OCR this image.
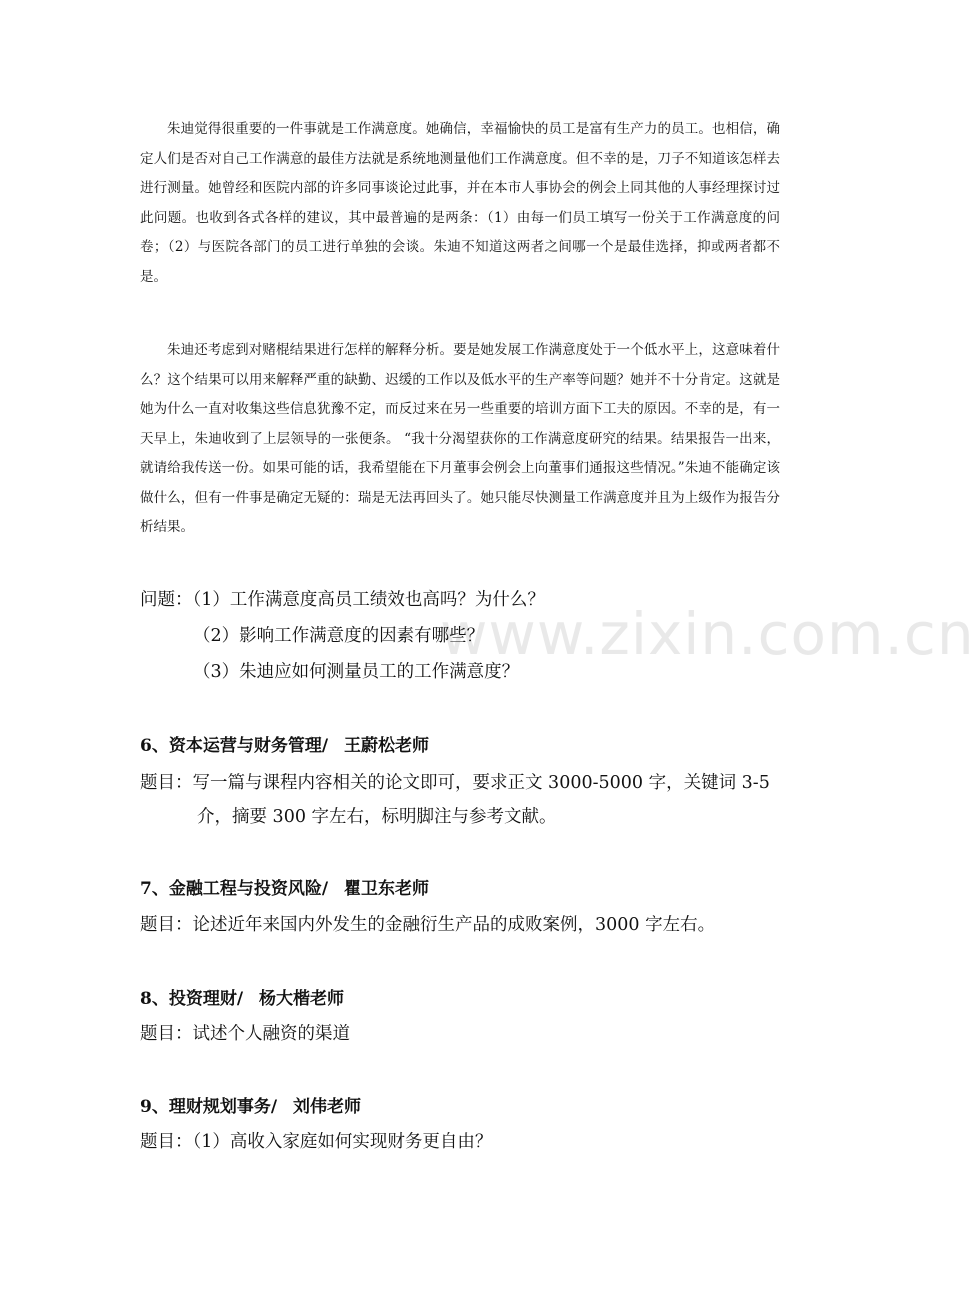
www.zixin.com.cn

朱迪觉得很重要的一件事就是工作满意度。她确信，幸福愉快的员工是富有生产力的员工。也相信，确定人们是否对自己工作满意的最佳方法就是系统地测量他们工作满意度。但不幸的是，刀子不知道该怎样去进行测量。她曾经和医院内部的许多同事谈论过此事，并在本市人事协会的例会上同其他的人事经理探讨过此问题。也收到各式各样的建议，其中最普遍的是两条：（1）由每一们员工填写一份关于工作满意度的问卷；（2）与医院各部门的员工进行单独的会谈。朱迪不知道这两者之间哪一个是最佳选择，抑或两者都不是。

朱迪还考虑到对赌棍结果进行怎样的解释分析。要是她发展工作满意度处于一个低水平上，这意味着什么？这个结果可以用来解释严重的缺勤、迟缓的工作以及低水平的生产率等问题？她并不十分肯定。这就是她为什么一直对收集这些信息犹豫不定，而反过来在另一些重要的培训方面下工夫的原因。不幸的是，有一天早上，朱迪收到了上层领导的一张便条。 “我十分渴望获你的工作满意度研究的结果。结果报告一出来，就请给我传送一份。如果可能的话，我希望能在下月董事会例会上向董事们通报这些情况。”朱迪不能确定该做什么，但有一件事是确定无疑的：瑞是无法再回头了。她只能尽快测量工作满意度并且为上级作为报告分析结果。

问题：（1）工作满意度高员工绩效也高吗？为什么？

（2）影响工作满意度的因素有哪些？

（3）朱迪应如何测量员工的工作满意度？

6、资本运营与财务管理/ 王蔚松老师

题目：写一篇与课程内容相关的论文即可，要求正文 3000-5000 字，关键词 3-5

介，摘要 300 字左右，标明脚注与参考文献。

7、金融工程与投资风险/ 瞿卫东老师

题目：论述近年来国内外发生的金融衍生产品的成败案例，3000 字左右。

8、投资理财/ 杨大楷老师

题目：试述个人融资的渠道

9、理财规划事务/ 刘伟老师

题目：（1）高收入家庭如何实现财务更自由？
